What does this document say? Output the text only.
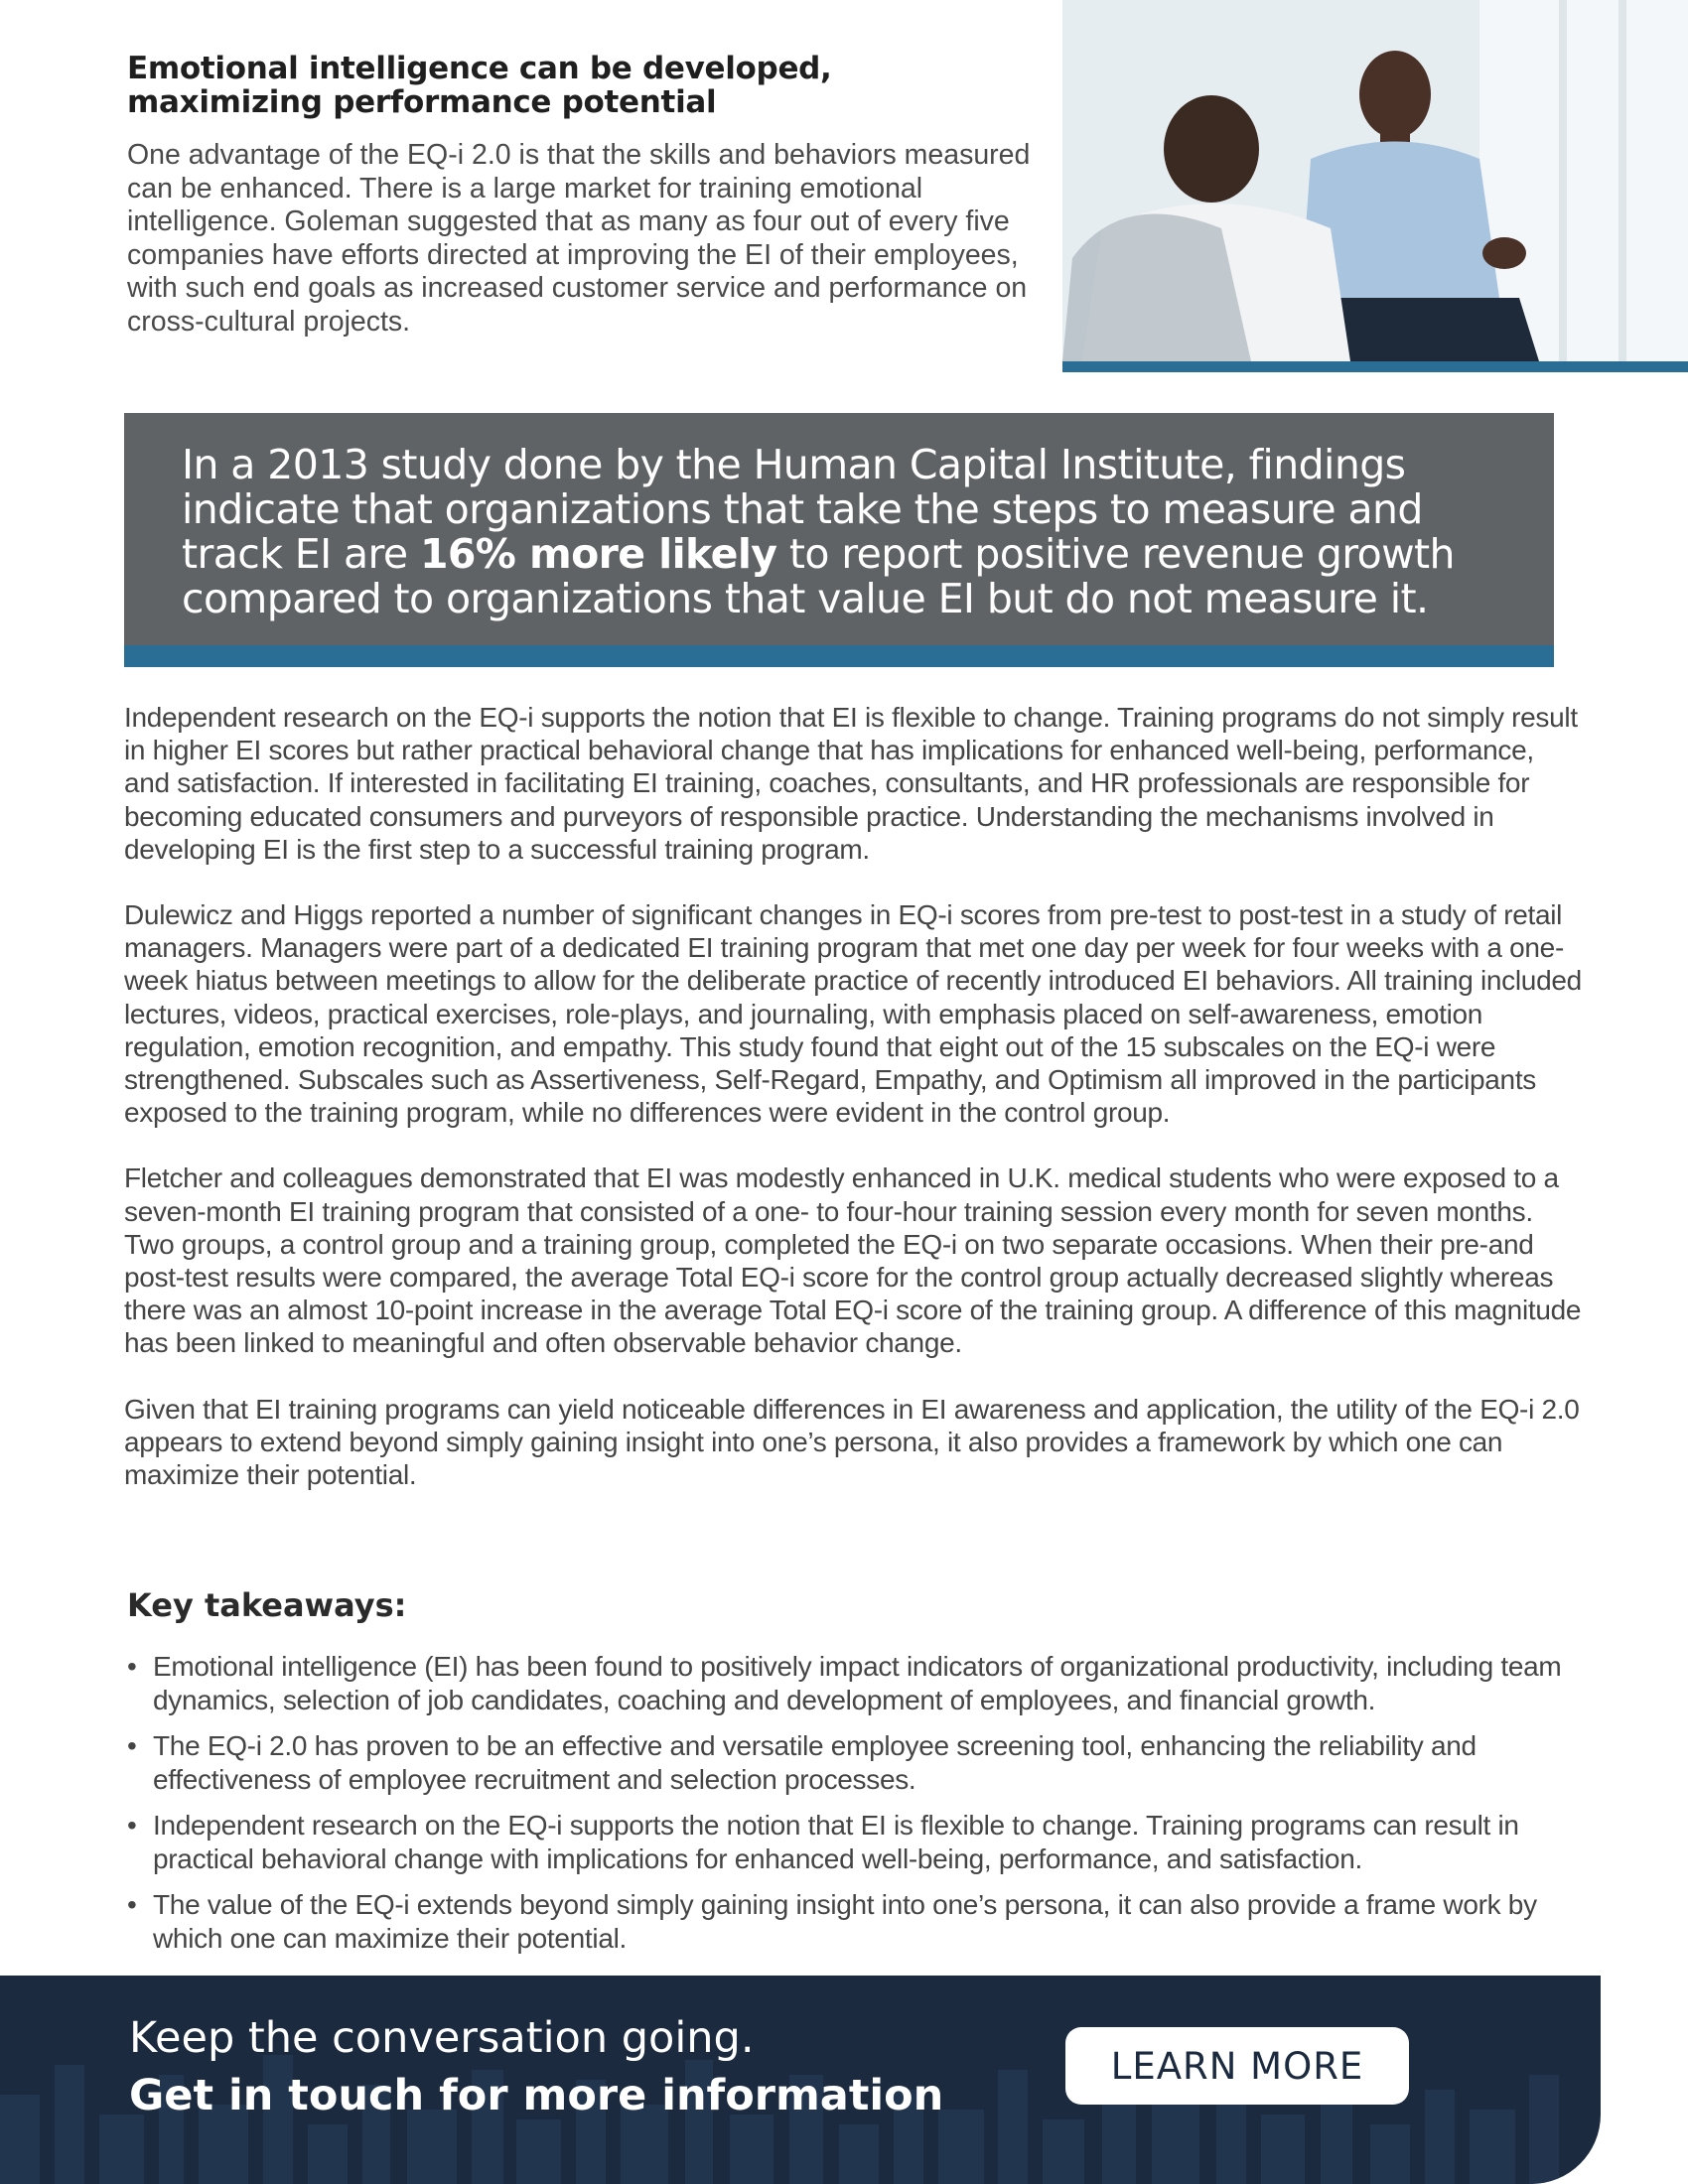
Emotional intelligence can be developed,
maximizing performance potential

One advantage of the EQ-i 2.0 is that the skills and behaviors measured can be enhanced. There is a large market for training emotional intelligence. Goleman suggested that as many as four out of every five companies have efforts directed at improving the EI of their employees, with such end goals as increased customer service and performance on cross-cultural projects.

In a 2013 study done by the Human Capital Institute, findings indicate that organizations that take the steps to measure and track EI are 16% more likely to report positive revenue growth compared to organizations that value EI but do not measure it.

Independent research on the EQ-i supports the notion that EI is flexible to change. Training programs do not simply result in higher EI scores but rather practical behavioral change that has implications for enhanced well-being, performance, and satisfaction. If interested in facilitating EI training, coaches, consultants, and HR professionals are responsible for becoming educated consumers and purveyors of responsible practice. Understanding the mechanisms involved in developing EI is the first step to a successful training program.

Dulewicz and Higgs reported a number of significant changes in EQ-i scores from pre-test to post-test in a study of retail managers. Managers were part of a dedicated EI training program that met one day per week for four weeks with a one-week hiatus between meetings to allow for the deliberate practice of recently introduced EI behaviors. All training included lectures, videos, practical exercises, role-plays, and journaling, with emphasis placed on self-awareness, emotion regulation, emotion recognition, and empathy. This study found that eight out of the 15 subscales on the EQ-i were strengthened. Subscales such as Assertiveness, Self-Regard, Empathy, and Optimism all improved in the participants exposed to the training program, while no differences were evident in the control group.

Fletcher and colleagues demonstrated that EI was modestly enhanced in U.K. medical students who were exposed to a seven-month EI training program that consisted of a one- to four-hour training session every month for seven months. Two groups, a control group and a training group, completed the EQ-i on two separate occasions. When their pre-and post-test results were compared, the average Total EQ-i score for the control group actually decreased slightly whereas there was an almost 10-point increase in the average Total EQ-i score of the training group. A difference of this magnitude has been linked to meaningful and often observable behavior change.

Given that EI training programs can yield noticeable differences in EI awareness and application, the utility of the EQ-i 2.0 appears to extend beyond simply gaining insight into one’s persona, it also provides a framework by which one can maximize their potential.

Key takeaways:
• Emotional intelligence (EI) has been found to positively impact indicators of organizational productivity, including team dynamics, selection of job candidates, coaching and development of employees, and financial growth.
• The EQ-i 2.0 has proven to be an effective and versatile employee screening tool, enhancing the reliability and effectiveness of employee recruitment and selection processes.
• Independent research on the EQ-i supports the notion that EI is flexible to change. Training programs can result in practical behavioral change with implications for enhanced well-being, performance, and satisfaction.
• The value of the EQ-i extends beyond simply gaining insight into one’s persona, it can also provide a frame work by which one can maximize their potential.
Keep the conversation going.
Get in touch for more information
LEARN MORE
